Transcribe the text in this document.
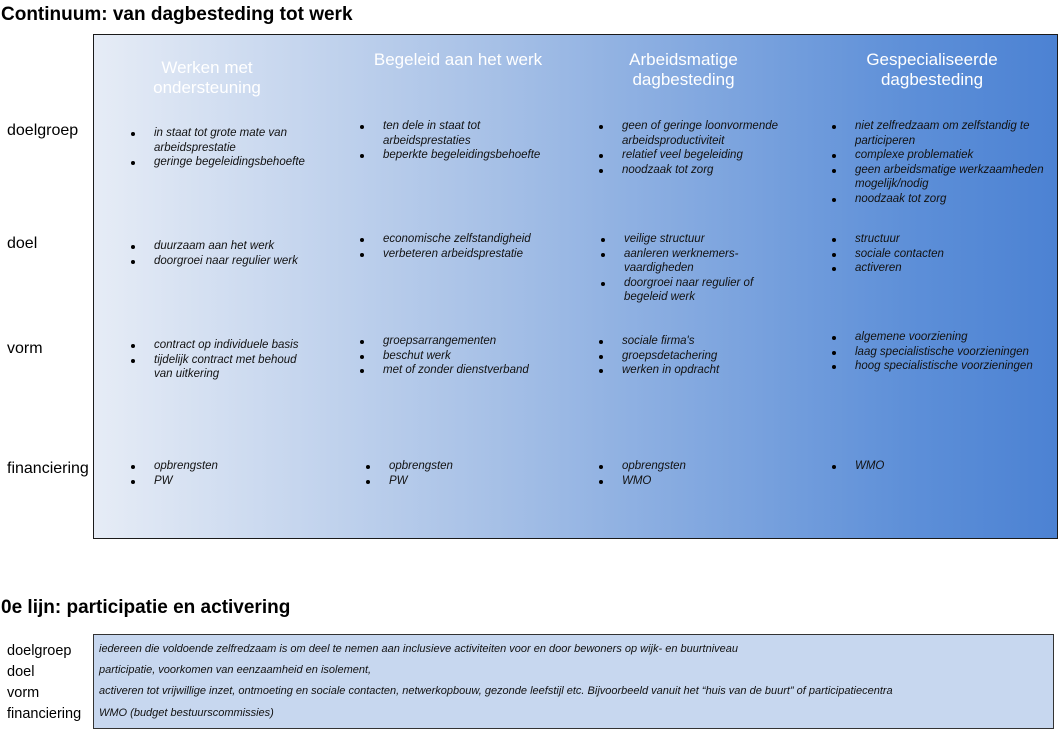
Continuum: van dagbesteding tot werk
doelgroep
doel
vorm
financiering
Werken met ondersteuning
Begeleid aan het werk	Arbeidsmatige dagbesteding
Gespecialiseerde dagbesteding
in staat tot grote mate van arbeidsprestatie
geringe begeleidingsbehoefte
ten dele in staat tot arbeidsprestaties
beperkte begeleidingsbehoefte
geen of geringe loonvormende arbeidsproductiviteit
relatief veel begeleiding
noodzaak tot zorg
niet zelfredzaam om zelfstandig te participeren
complexe problematiek
geen arbeidsmatige werkzaamheden mogelijk/nodig
noodzaak tot zorg
duurzaam aan het werk
doorgroei naar regulier werk
economische zelfstandigheid
verbeteren arbeidsprestatie
veilige structuur
aanleren werknemers-vaardigheden
doorgroei naar regulier of begeleid werk
structuur
sociale contacten
activeren
contract op individuele basis
tijdelijk contract met behoud van uitkering
groepsarrangementen
beschut werk
met of zonder dienstverband
sociale firma's
groepsdetachering
werken in opdracht
algemene voorziening
laag specialistische voorzieningen
hoog specialistische voorzieningen
opbrengsten
PW
opbrengsten
PW
opbrengsten
WMO
WMO
0e lijn: participatie en activering
doelgroep
doel
vorm
financiering
iedereen die voldoende zelfredzaam is om deel te nemen aan inclusieve activiteiten voor en door bewoners op wijk- en buurtniveau
participatie, voorkomen van eenzaamheid en isolement,
activeren tot vrijwillige inzet, ontmoeting en sociale contacten, netwerkopbouw, gezonde leefstijl etc. Bijvoorbeeld vanuit het “huis van de buurt” of participatiecentra
WMO (budget bestuurscommissies)
